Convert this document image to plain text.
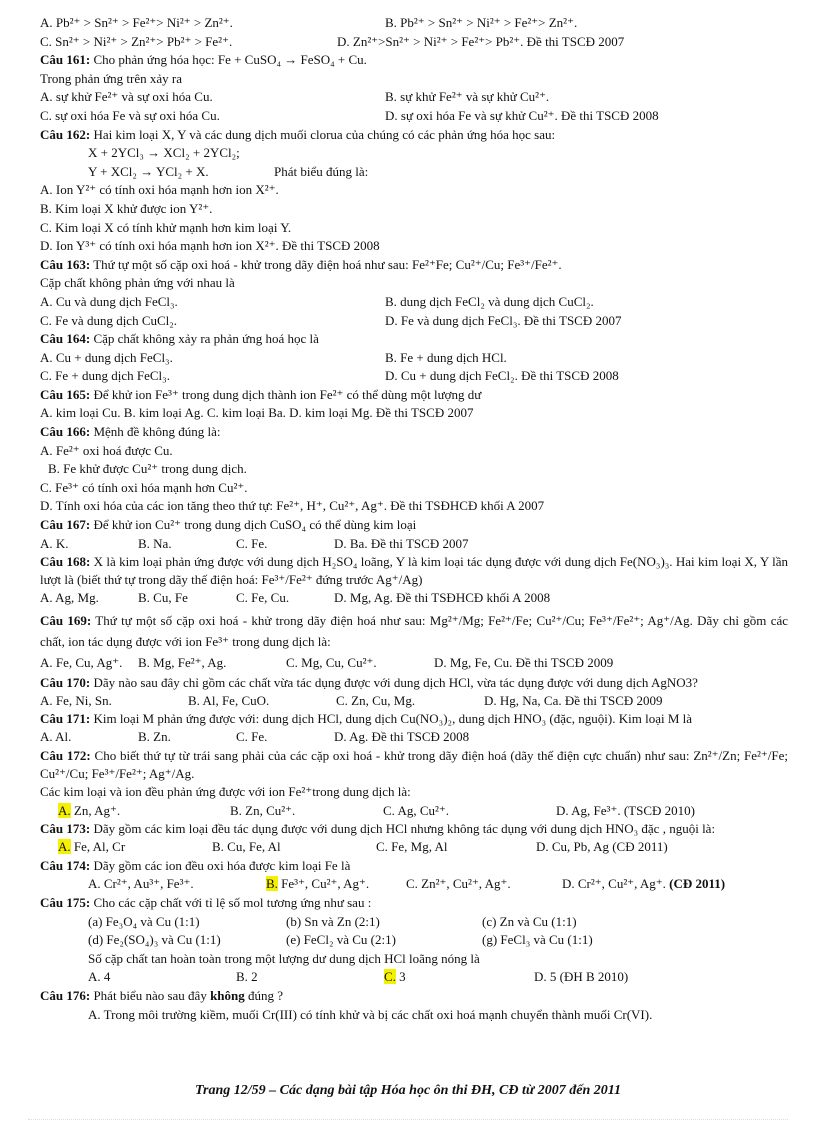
A. Pb²⁺ > Sn²⁺ > Fe²⁺> Ni²⁺ > Zn²⁺.	B. Pb²⁺ > Sn²⁺ > Ni²⁺ > Fe²⁺> Zn²⁺.
C. Sn²⁺ > Ni²⁺ > Zn²⁺> Pb²⁺ > Fe²⁺.	D. Zn²⁺>Sn²⁺ > Ni²⁺ > Fe²⁺> Pb²⁺. Đề thi TSCĐ 2007
Câu 161: Cho phản ứng hóa học: Fe + CuSO₄ → FeSO₄ + Cu.
Trong phản ứng trên xảy ra
A. sự khử Fe²⁺ và sự oxi hóa Cu.	B. sự khử Fe²⁺ và sự khử Cu²⁺.
C. sự oxi hóa Fe và sự oxi hóa Cu.	D. sự oxi hóa Fe và sự khử Cu²⁺. Đề thi TSCĐ 2008
Câu 162: Hai kim loại X, Y và các dung dịch muối clorua của chúng có các phản ứng hóa học sau:
X + 2YCl₃ → XCl₂ + 2YCl₂;
Y + XCl₂ → YCl₂ + X.	Phát biểu đúng là:
A. Ion Y²⁺ có tính oxi hóa mạnh hơn ion X²⁺.
B. Kim loại X khử được ion Y²⁺.
C. Kim loại X có tính khử mạnh hơn kim loại Y.
D. Ion Y³⁺ có tính oxi hóa mạnh hơn ion X²⁺. Đề thi TSCĐ 2008
Câu 163: Thứ tự một số cặp oxi hoá - khử trong dãy điện hoá như sau: Fe²⁺Fe; Cu²⁺/Cu; Fe³⁺/Fe²⁺.
Cặp chất không phản ứng với nhau là
A. Cu và dung dịch FeCl₃.	B. dung dịch FeCl₂ và dung dịch CuCl₂.
C. Fe và dung dịch CuCl₂.	D. Fe và dung dịch FeCl₃. Đề thi TSCĐ 2007
Câu 164: Cặp chất không xảy ra phản ứng hoá học là
A. Cu + dung dịch FeCl₃.	B. Fe + dung dịch HCl.
C. Fe + dung dịch FeCl₃.	D. Cu + dung dịch FeCl₂. Đề thi TSCĐ 2008
Câu 165: Để khử ion Fe³⁺ trong dung dịch thành ion Fe²⁺ có thể dùng một lượng dư
A. kim loại Cu. B. kim loại Ag. C. kim loại Ba. D. kim loại Mg. Đề thi TSCĐ 2007
Câu 166: Mệnh đề không đúng là:
A. Fe²⁺ oxi hoá được Cu.
B. Fe khử được Cu²⁺ trong dung dịch.
C. Fe³⁺ có tính oxi hóa mạnh hơn Cu²⁺.
D. Tính oxi hóa của các ion tăng theo thứ tự: Fe²⁺, H⁺, Cu²⁺, Ag⁺. Đề thi TSĐHCĐ khối A 2007
Câu 167: Để khử ion Cu²⁺ trong dung dịch CuSO₄ có thể dùng kim loại
A. K.	B. Na.	C. Fe.	D. Ba. Đề thi TSCĐ 2007
Câu 168: X là kim loại phản ứng được với dung dịch H₂SO₄ loãng, Y là kim loại tác dụng được với dung dịch Fe(NO₃)₃. Hai kim loại X, Y lần lượt là (biết thứ tự trong dãy thế điện hoá: Fe³⁺/Fe²⁺ đứng trước Ag⁺/Ag)
A. Ag, Mg.	B. Cu, Fe	C. Fe, Cu.	D. Mg, Ag. Đề thi TSĐHCĐ khối A 2008
Câu 169: Thứ tự một số cặp oxi hoá - khử trong dãy điện hoá như sau: Mg²⁺/Mg; Fe²⁺/Fe; Cu²⁺/Cu; Fe³⁺/Fe²⁺; Ag⁺/Ag. Dãy chỉ gồm các chất, ion tác dụng được với ion Fe³⁺ trong dung dịch là:
A. Fe, Cu, Ag⁺. B. Mg, Fe²⁺, Ag.	C. Mg, Cu, Cu²⁺.	D. Mg, Fe, Cu. Đề thi TSCĐ 2009
Câu 170: Dãy nào sau đây chỉ gồm các chất vừa tác dụng được với dung dịch HCl, vừa tác dụng được với dung dịch AgNO3?
A. Fe, Ni, Sn.	B. Al, Fe, CuO.	C. Zn, Cu, Mg.	D. Hg, Na, Ca. Đề thi TSCĐ 2009
Câu 171: Kim loại M phản ứng được với: dung dịch HCl, dung dịch Cu(NO₃)₂, dung dịch HNO₃ (đặc, nguội). Kim loại M là
A. Al.	B. Zn.	C. Fe.	D. Ag. Đề thi TSCĐ 2008
Câu 172: Cho biết thứ tự từ trái sang phải của các cặp oxi hoá - khử trong dãy điện hoá (dãy thế điện cực chuẩn) như sau: Zn²⁺/Zn; Fe²⁺/Fe; Cu²⁺/Cu; Fe³⁺/Fe²⁺; Ag⁺/Ag.
Các kim loại và ion đều phản ứng được với ion Fe²⁺trong dung dịch là:
A. Zn, Ag⁺.	B. Zn, Cu²⁺.	C. Ag, Cu²⁺.	D. Ag, Fe³⁺. (TSCĐ 2010)
Câu 173: Dãy gồm các kim loại đều tác dụng được với dung dịch HCl nhưng không tác dụng với dung dịch HNO₃ đặc , nguội là:
A. Fe, Al, Cr	B. Cu, Fe, Al	C. Fe, Mg, Al	D. Cu, Pb, Ag (CĐ 2011)
Câu 174: Dãy gồm các ion đều oxi hóa được kim loại Fe là
A. Cr²⁺, Au³⁺, Fe³⁺.	B. Fe³⁺, Cu²⁺, Ag⁺.	C. Zn²⁺, Cu²⁺, Ag⁺.	D. Cr²⁺, Cu²⁺, Ag⁺. (CĐ 2011)
Câu 175: Cho các cặp chất với tỉ lệ số mol tương ứng như sau :
(a) Fe₃O₄ và Cu (1:1)	(b) Sn và Zn (2:1)	(c) Zn và Cu (1:1)
(d) Fe₂(SO₄)₃ và Cu (1:1)	(e) FeCl₂ và Cu (2:1)	(g) FeCl₃ và Cu (1:1)
Số cặp chất tan hoàn toàn trong một lượng dư dung dịch HCl loãng nóng là
A. 4	B. 2	C. 3	D. 5 (ĐH B 2010)
Câu 176: Phát biểu nào sau đây không đúng ?
A. Trong môi trường kiềm, muối Cr(III) có tính khử và bị các chất oxi hoá mạnh chuyển thành muối Cr(VI).
Trang 12/59 – Các dạng bài tập Hóa học ôn thi ĐH, CĐ từ 2007 đến 2011
